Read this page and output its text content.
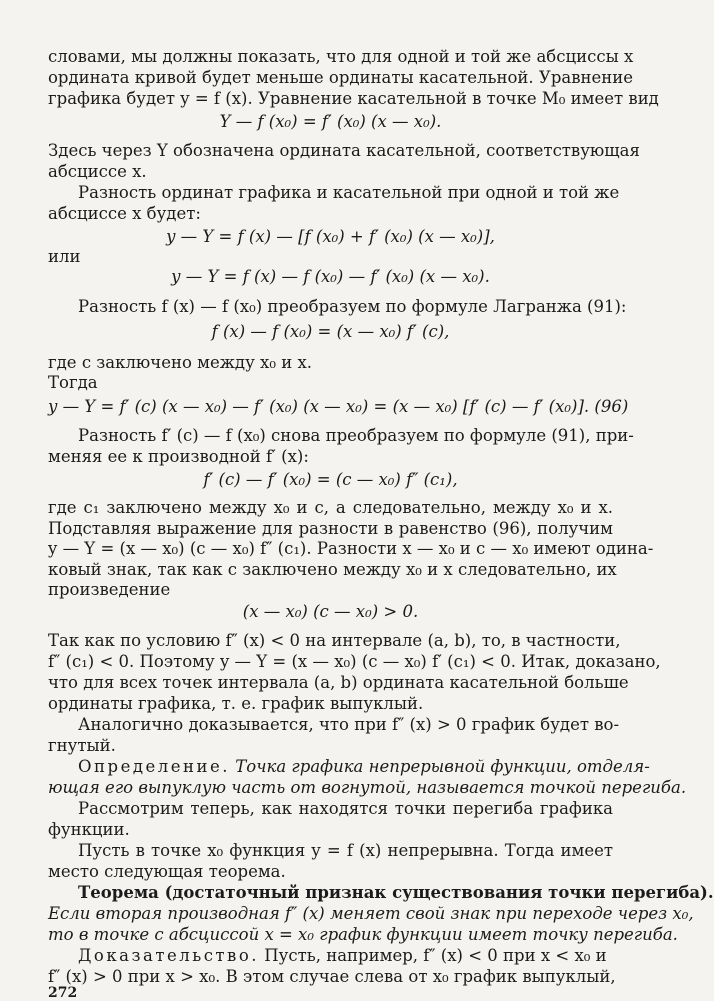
словами, мы должны показать, что для одной и той же абсциссы x
ордината кривой будет меньше ординаты касательной. Уравнение
графика будет y = f (x). Уравнение касательной в точке M₀ имеет вид
Y — f (x₀) = f′ (x₀) (x — x₀).
Здесь через Y обозначена ордината касательной, соответствующая
абсциссе x.
Разность ординат графика и касательной при одной и той же
абсциссе x будет:
y — Y = f (x) — [f (x₀) + f′ (x₀) (x — x₀)],
или
y — Y = f (x) — f (x₀) — f′ (x₀) (x — x₀).
Разность f (x) — f (x₀) преобразуем по формуле Лагранжа (91):
f (x) — f (x₀) = (x — x₀) f′ (c),
где c заключено между x₀ и x.
Тогда
y — Y = f′ (c) (x — x₀) — f′ (x₀) (x — x₀) = (x — x₀) [f′ (c) — f′ (x₀)]. (96)
Разность f′ (c) — f (x₀) снова преобразуем по формуле (91), при-
меняя ее к производной f′ (x):
f′ (c) — f′ (x₀) = (c — x₀) f″ (c₁),
где c₁ заключено между x₀ и c, а следовательно, между x₀ и x.
Подставляя выражение для разности в равенство (96), получим
y — Y = (x — x₀) (c — x₀) f″ (c₁). Разности x — x₀ и c — x₀ имеют одина-
ковый знак, так как c заключено между x₀ и x следовательно, их
произведение
(x — x₀) (c — x₀) > 0.
Так как по условию f″ (x) < 0 на интервале (a, b), то, в частности,
f″ (c₁) < 0. Поэтому y — Y = (x — x₀) (c — x₀) f′ (c₁) < 0. Итак, доказано,
что для всех точек интервала (a, b) ордината касательной больше
ординаты графика, т. е. график выпуклый.
Аналогично доказывается, что при f″ (x) > 0 график будет во-
гнутый.
Определение. Точка графика непрерывной функции, отделя-
ющая его выпуклую часть от вогнутой, называется точкой перегиба.
Рассмотрим теперь, как находятся точки перегиба графика
функции.
Пусть в точке x₀ функция y = f (x) непрерывна. Тогда имеет
место следующая теорема.
Теорема (достаточный признак существования точки перегиба).
Если вторая производная f″ (x) меняет свой знак при переходе через x₀,
то в точке с абсциссой x = x₀ график функции имеет точку перегиба.
Доказательство. Пусть, например, f″ (x) < 0 при x < x₀ и
f″ (x) > 0 при x > x₀. В этом случае слева от x₀ график выпуклый,
272
